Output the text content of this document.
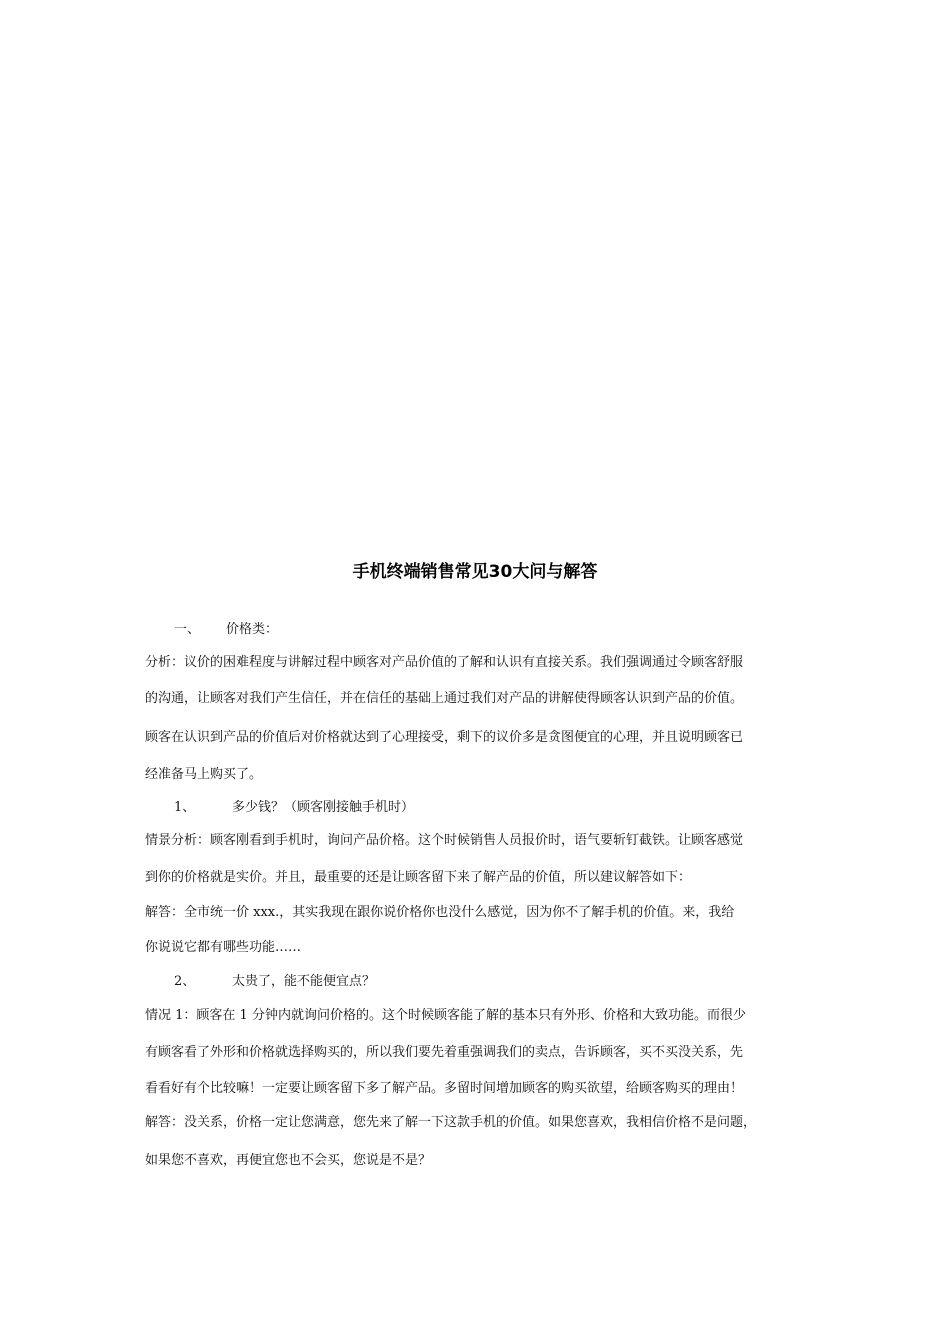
手机终端销售常见30大问与解答
一、 价格类：
分析：议价的困难程度与讲解过程中顾客对产品价值的了解和认识有直接关系。我们强调通过令顾客舒服
的沟通，让顾客对我们产生信任，并在信任的基础上通过我们对产品的讲解使得顾客认识到产品的价值。
顾客在认识到产品的价值后对价格就达到了心理接受，剩下的议价多是贪图便宜的心理，并且说明顾客已
经准备马上购买了。
1、	多少钱？（顾客刚接触手机时）
情景分析：顾客刚看到手机时，询问产品价格。这个时候销售人员报价时，语气要斩钉截铁。让顾客感觉
到你的价格就是实价。并且，最重要的还是让顾客留下来了解产品的价值，所以建议解答如下：
解答：全市统一价 xxx.，其实我现在跟你说价格你也没什么感觉，因为你不了解手机的价值。来，我给
你说说它都有哪些功能……
2、	太贵了，能不能便宜点？
情况 1：顾客在 1 分钟内就询问价格的。这个时候顾客能了解的基本只有外形、价格和大致功能。而很少
有顾客看了外形和价格就选择购买的，所以我们要先着重强调我们的卖点，告诉顾客，买不买没关系，先
看看好有个比较嘛！一定要让顾客留下多了解产品。多留时间增加顾客的购买欲望，给顾客购买的理由！
解答：没关系，价格一定让您满意，您先来了解一下这款手机的价值。如果您喜欢，我相信价格不是问题，
如果您不喜欢，再便宜您也不会买，您说是不是？
